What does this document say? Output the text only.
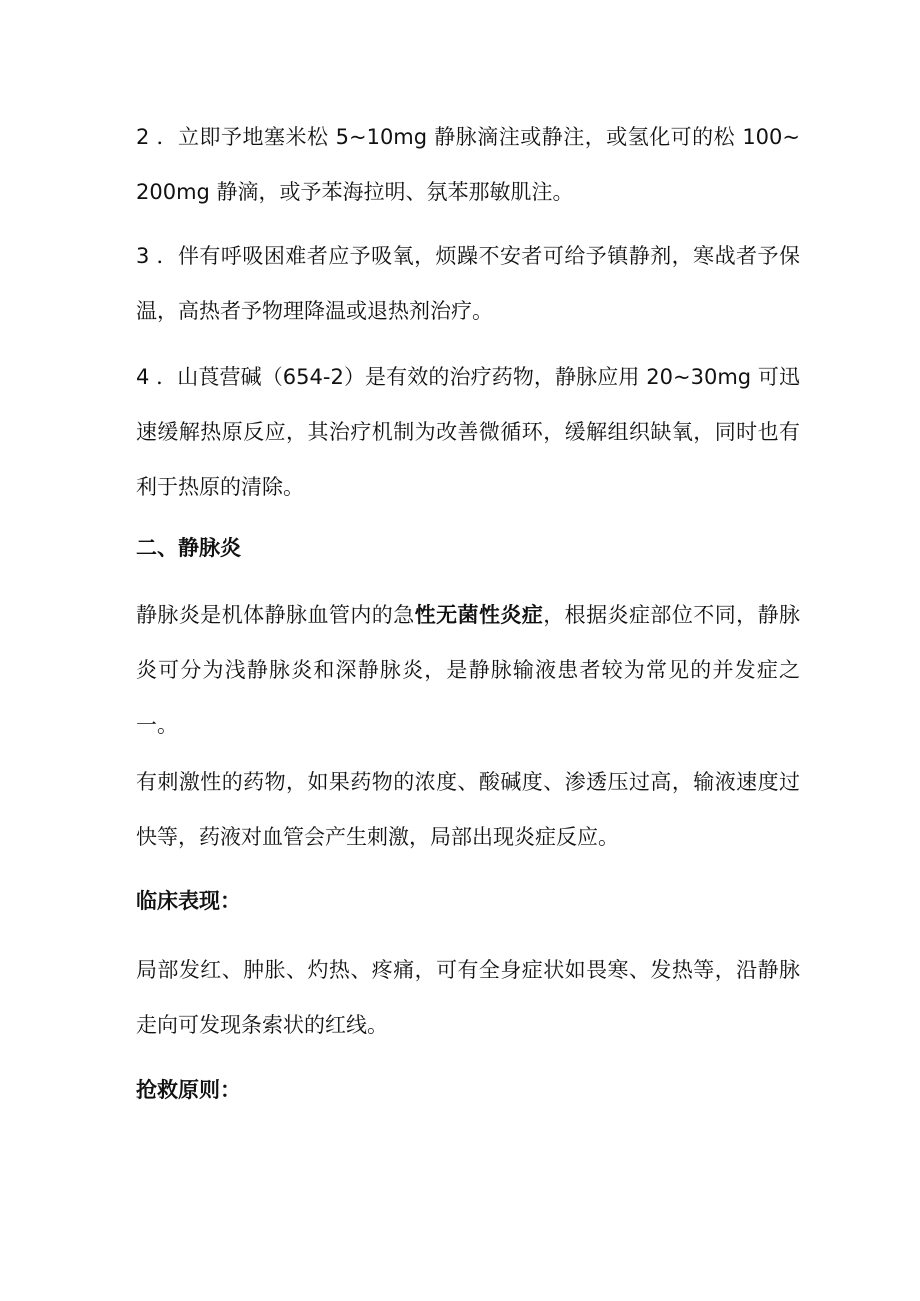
2 ．立即予地塞米松 5~10mg 静脉滴注或静注，或氢化可的松 100~200mg 静滴，或予苯海拉明、氛苯那敏肌注。

3 ．伴有呼吸困难者应予吸氧，烦躁不安者可给予镇静剂，寒战者予保温，高热者予物理降温或退热剂治疗。

4 ．山莨营碱（654-2）是有效的治疗药物，静脉应用 20~30mg 可迅速缓解热原反应，其治疗机制为改善微循环，缓解组织缺氧，同时也有利于热原的清除。

二、静脉炎

静脉炎是机体静脉血管内的急性无菌性炎症，根据炎症部位不同，静脉炎可分为浅静脉炎和深静脉炎，是静脉输液患者较为常见的并发症之一。

有刺激性的药物，如果药物的浓度、酸碱度、渗透压过高，输液速度过快等，药液对血管会产生刺激，局部出现炎症反应。

临床表现：

局部发红、肿胀、灼热、疼痛，可有全身症状如畏寒、发热等，沿静脉走向可发现条索状的红线。

抢救原则：
